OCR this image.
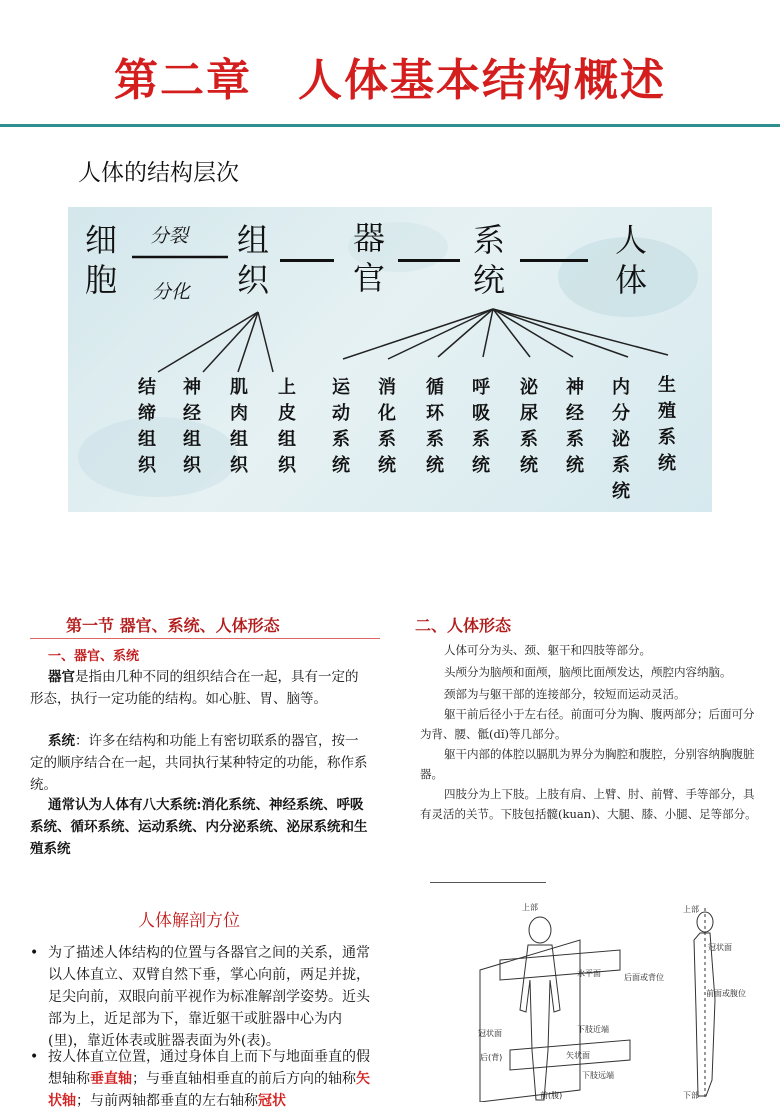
第二章　人体基本结构概述
人体的结构层次
细
胞
分裂
分化
组
织
器
官
系
统
人
体
结
缔
组
织
神
经
组
织
肌
肉
组
织
上
皮
组
织
运
动
系
统
消
化
系
统
循
环
系
统
呼
吸
系
统
泌
尿
系
统
神
经
系
统
内
分
泌
系
统
生
殖
系
统
第一节 器官、系统、人体形态
一、器官、系统
器官是指由几种不同的组织结合在一起，具有一定的形态，执行一定功能的结构。如心脏、胃、脑等。
系统：许多在结构和功能上有密切联系的器官，按一定的顺序结合在一起，共同执行某种特定的功能，称作系统。
通常认为人体有八大系统:消化系统、神经系统、呼吸系统、循环系统、运动系统、内分泌系统、泌尿系统和生殖系统
二、人体形态
人体可分为头、颈、躯干和四肢等部分。
头颅分为脑颅和面颅，脑颅比面颅发达，颅腔内容纳脑。
颈部为与躯干部的连接部分，较短而运动灵活。
躯干前后径小于左右径。前面可分为胸、腹两部分；后面可分为背、腰、骶(dǐ)等几部分。
躯干内部的体腔以膈肌为界分为胸腔和腹腔，分别容纳胸腹脏器。
四肢分为上下肢。上肢有肩、上臂、肘、前臂、手等部分，具有灵活的关节。下肢包括髋(kuan)、大腿、膝、小腿、足等部分。
人体解剖方位
• 为了描述人体结构的位置与各器官之间的关系，通常以人体直立、双臂自然下垂，掌心向前，两足并拢，足尖向前，双眼向前平视作为标准解剖学姿势。近头部为上，近足部为下，靠近躯干或脏器中心为内(里)，靠近体表或脏器表面为外(表)。
• 按人体直立位置，通过身体自上而下与地面垂直的假想轴称垂直轴；与垂直轴相垂直的前后方向的轴称矢状轴；与前两轴都垂直的左右轴称冠状
上部
水平面
冠状面	下肢近端
矢状面
后(背)
下肢远端
前(腹)
上部
冠状面
后面或背位
前面或腹位
下部
